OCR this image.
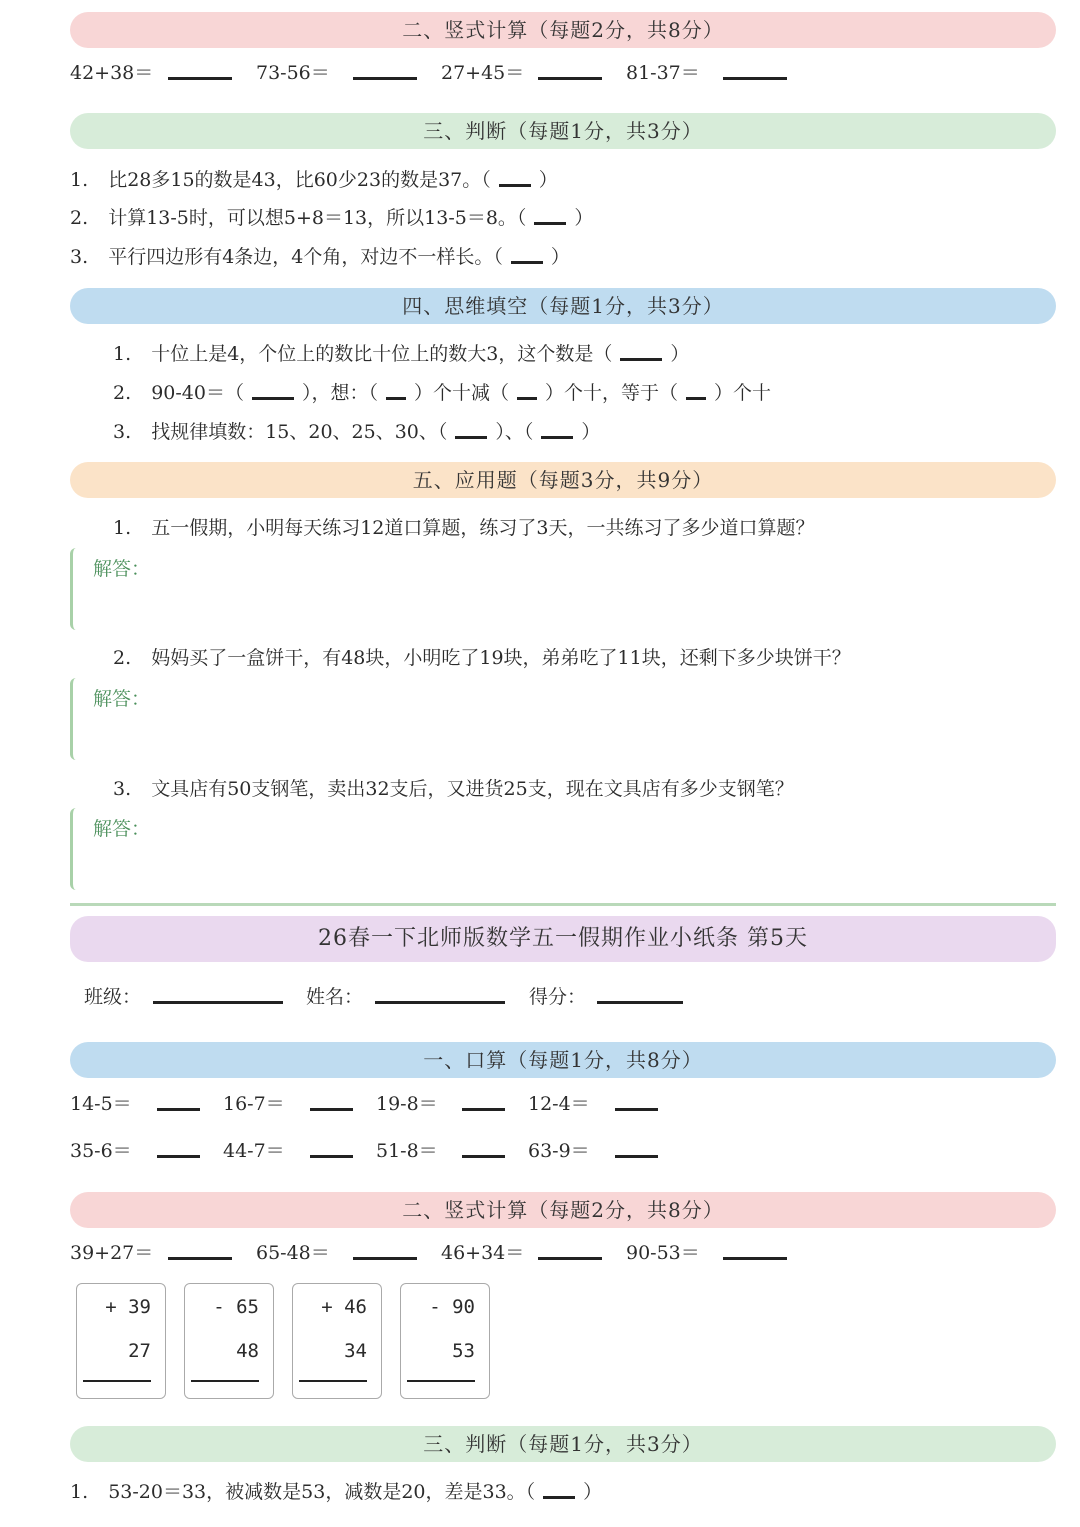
二、竖式计算（每题2分，共8分）
42+38＝	73-56＝	27+45＝	81-37＝
三、判断（每题1分，共3分）
1. 比28多15的数是43，比60少23的数是37。（	）
2. 计算13-5时，可以想5+8＝13，所以13-5＝8。（	）
3. 平行四边形有4条边，4个角，对边不一样长。（	）
四、思维填空（每题1分，共3分）
1. 十位上是4，个位上的数比十位上的数大3，这个数是（	）
2. 90-40＝（	），想：（ ）个十减（ ）个十，等于（ ）个十
3. 找规律填数：15、20、25、30、（	）、（	）
五、应用题（每题3分，共9分）
1. 五一假期，小明每天练习12道口算题，练习了3天，一共练习了多少道口算题？
解答：
2. 妈妈买了一盒饼干，有48块，小明吃了19块，弟弟吃了11块，还剩下多少块饼干？
解答：
3. 文具店有50支钢笔，卖出32支后，又进货25支，现在文具店有多少支钢笔？
解答：
26春一下北师版数学五一假期作业小纸条 第5天
班级：	姓名：	得分：
一、口算（每题1分，共8分）
14-5＝	16-7＝	19-8＝	12-4＝
35-6＝	44-7＝	51-8＝	63-9＝
二、竖式计算（每题2分，共8分）
39+27＝	65-48＝	46+34＝	90-53＝
+ 39
27
- 65
48
+ 46
34
- 90
53
三、判断（每题1分，共3分）
1. 53-20＝33，被减数是53，减数是20，差是33。（	）
